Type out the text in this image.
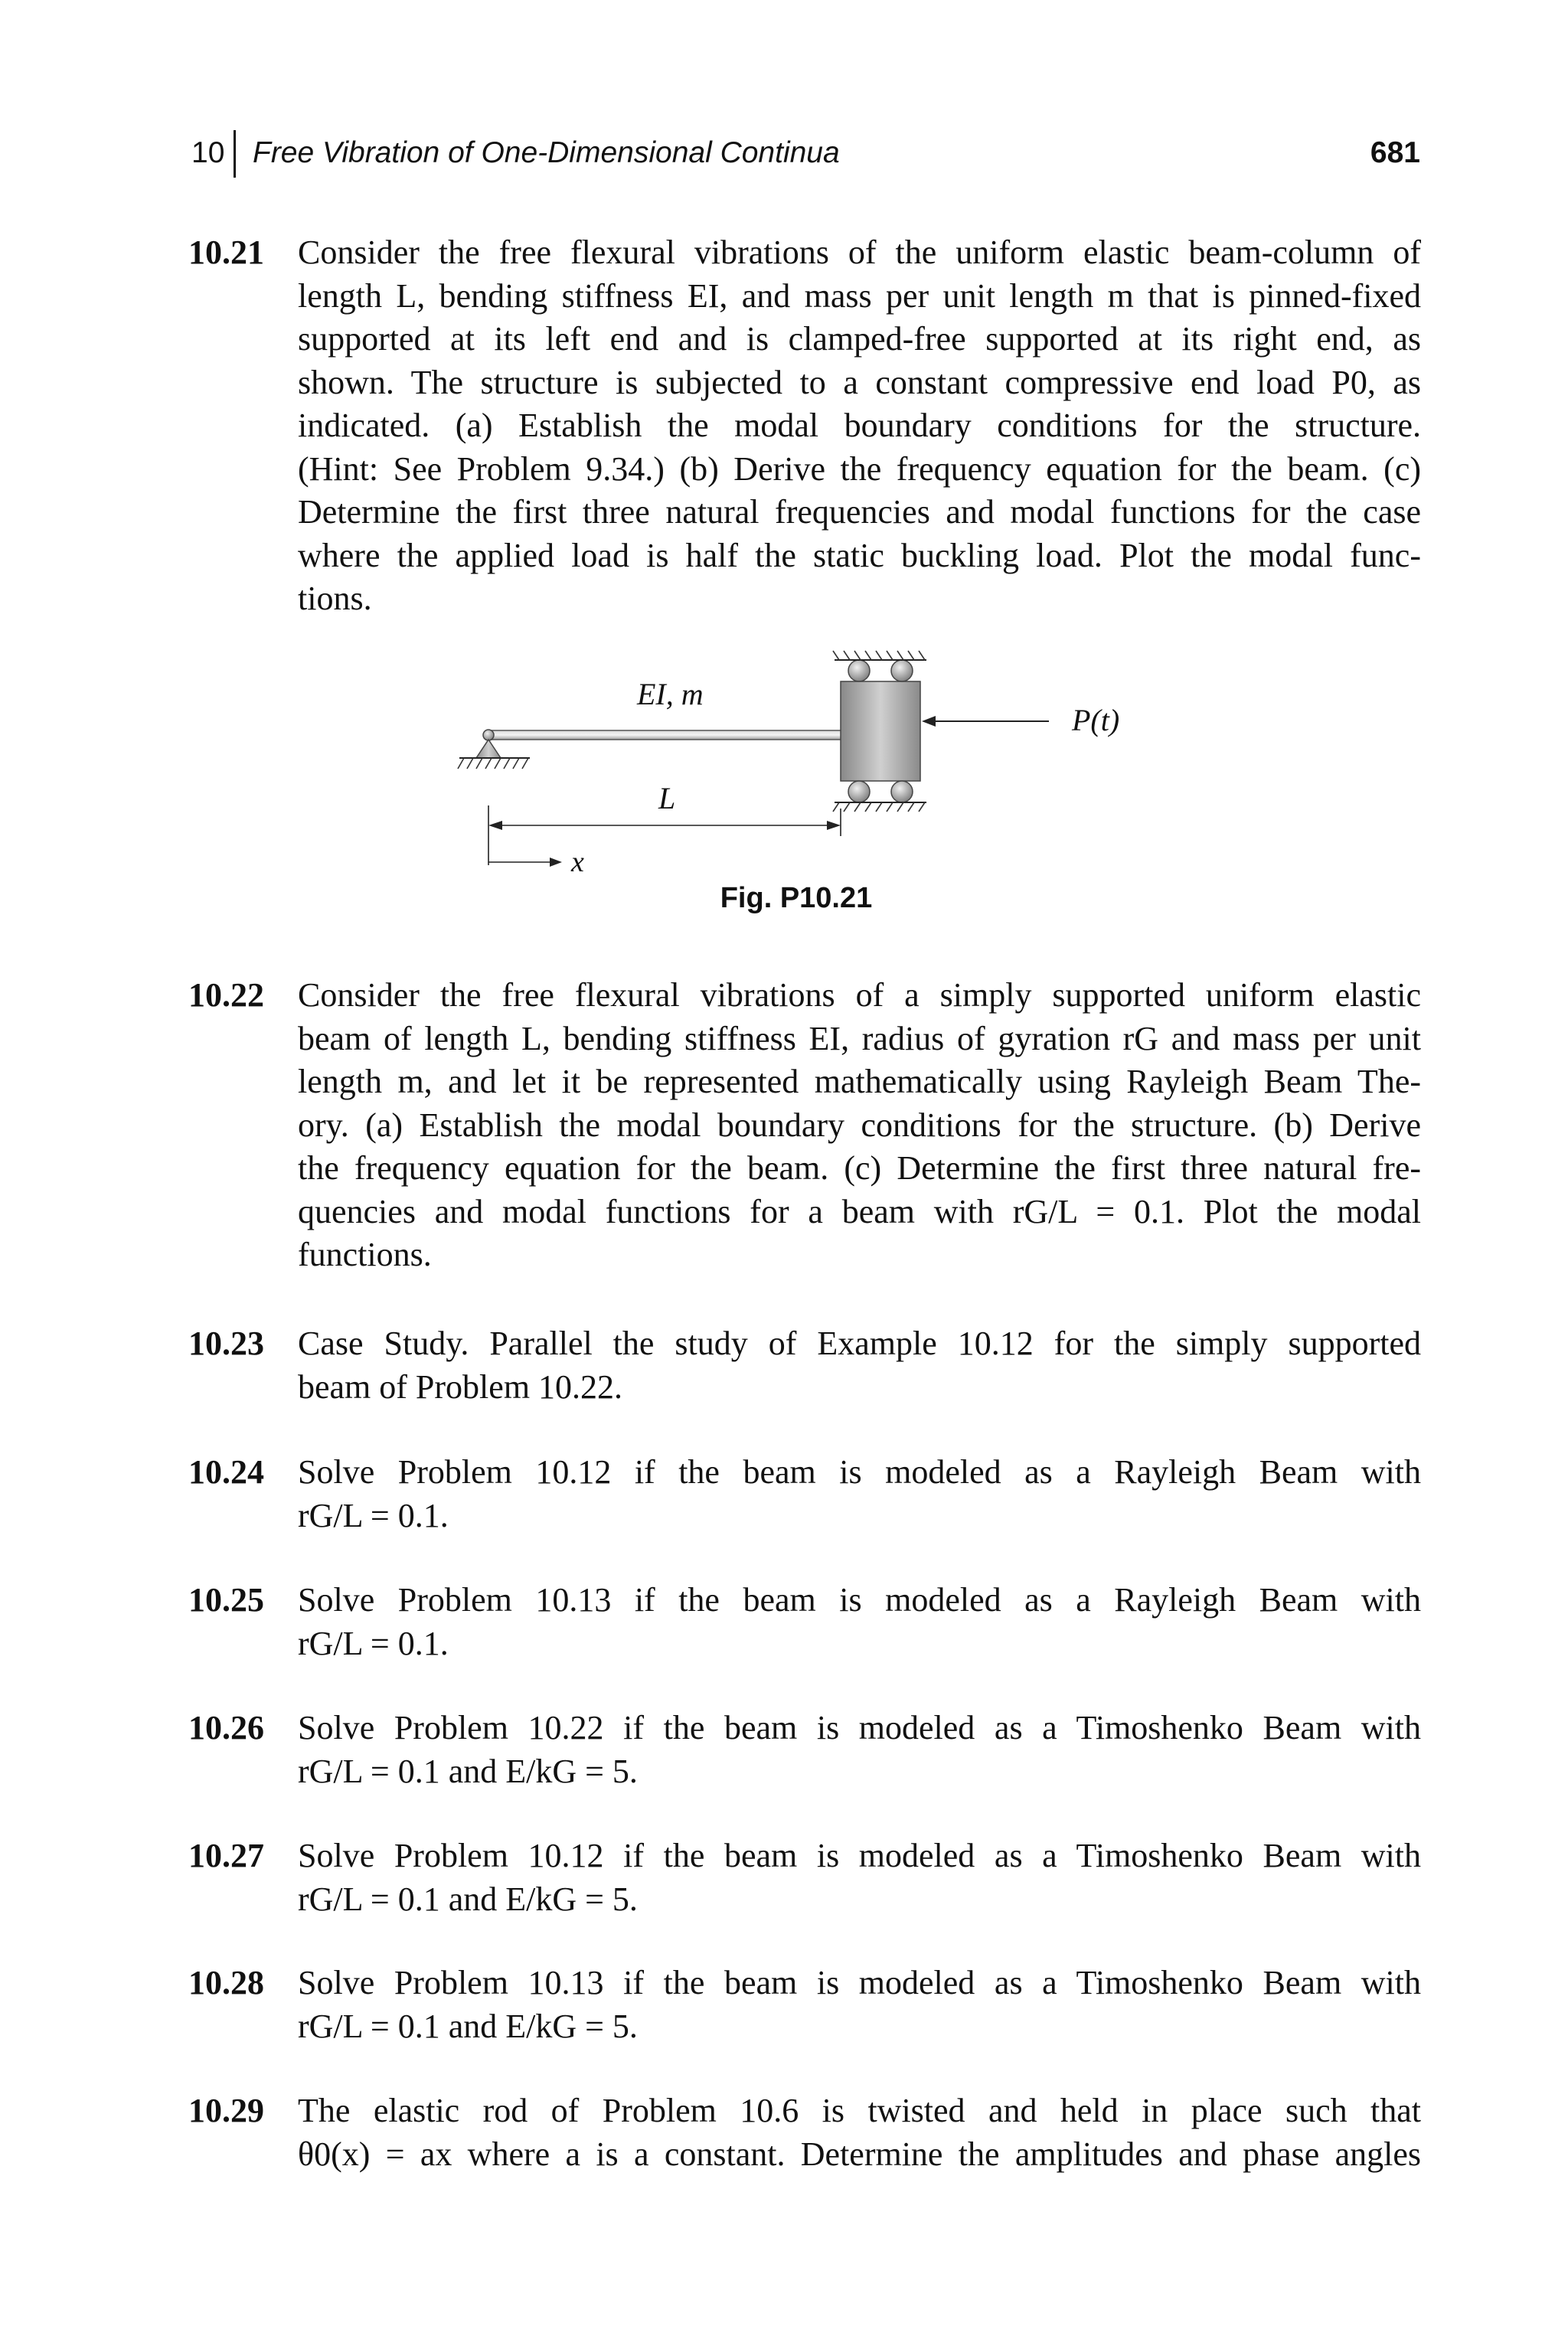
10 Free Vibration of One-Dimensional Continua	681
10.21 Consider the free flexural vibrations of the uniform elastic beam-column of
length L, bending stiffness EI, and mass per unit length m that is pinned-fixed
supported at its left end and is clamped-free supported at its right end, as
shown. The structure is subjected to a constant compressive end load P0, as
indicated. (a) Establish the modal boundary conditions for the structure.
(Hint: See Problem 9.34.) (b) Derive the frequency equation for the beam. (c)
Determine the first three natural frequencies and modal functions for the case
where the applied load is half the static buckling load. Plot the modal func-
tions.
P(t)
EI, m
L
x
Fig. P10.21
10.22 Consider the free flexural vibrations of a simply supported uniform elastic
beam of length L, bending stiffness EI, radius of gyration rG and mass per unit
length m, and let it be represented mathematically using Rayleigh Beam The-
ory. (a) Establish the modal boundary conditions for the structure. (b) Derive
the frequency equation for the beam. (c) Determine the first three natural fre-
quencies and modal functions for a beam with rG/L = 0.1. Plot the modal
functions.
10.23 Case Study. Parallel the study of Example 10.12 for the simply supported
beam of Problem 10.22.
10.24 Solve Problem 10.12 if the beam is modeled as a Rayleigh Beam with
rG/L = 0.1.
10.25 Solve Problem 10.13 if the beam is modeled as a Rayleigh Beam with
rG/L = 0.1.
10.26 Solve Problem 10.22 if the beam is modeled as a Timoshenko Beam with
rG/L = 0.1 and E/kG = 5.
10.27 Solve Problem 10.12 if the beam is modeled as a Timoshenko Beam with
rG/L = 0.1 and E/kG = 5.
10.28 Solve Problem 10.13 if the beam is modeled as a Timoshenko Beam with
rG/L = 0.1 and E/kG = 5.
10.29 The elastic rod of Problem 10.6 is twisted and held in place such that
θ0(x) = ax where a is a constant. Determine the amplitudes and phase angles
